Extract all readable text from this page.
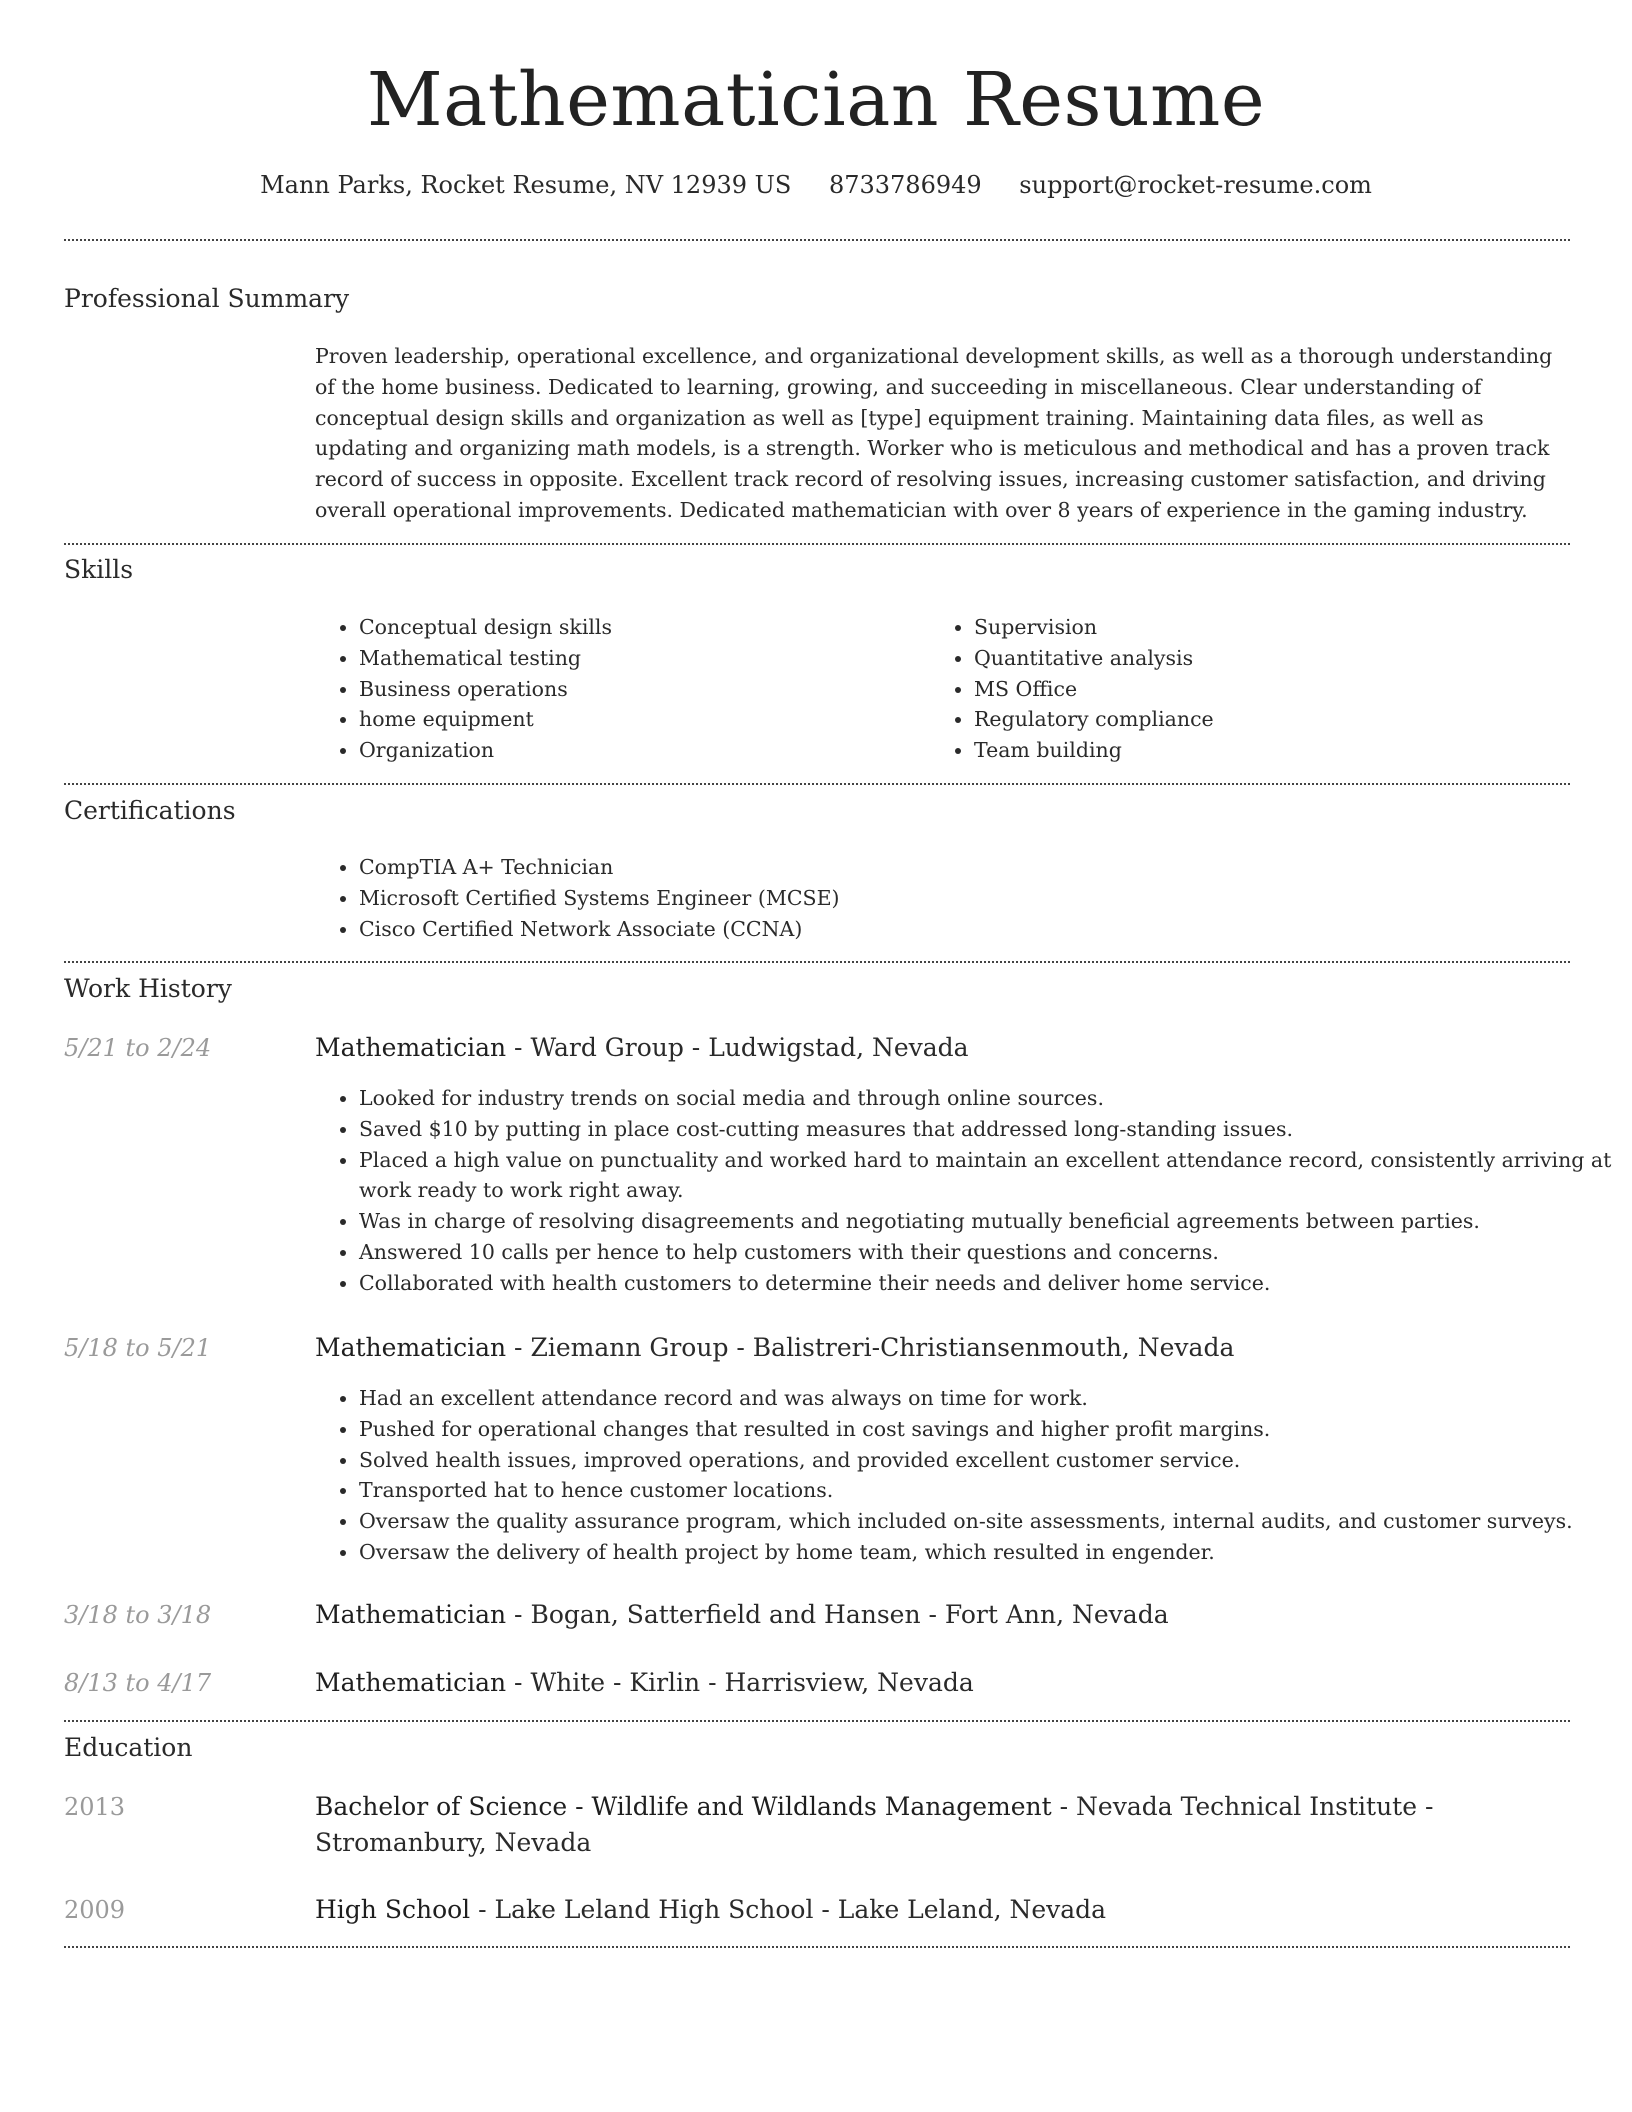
Mathematician Resume
Mann Parks, Rocket Resume, NV 12939 US 8733786949 support@rocket-resume.com
Professional Summary
Proven leadership, operational excellence, and organizational development skills, as well as a thorough understanding of the home business. Dedicated to learning, growing, and succeeding in miscellaneous. Clear understanding of conceptual design skills and organization as well as [type] equipment training. Maintaining data files, as well as updating and organizing math models, is a strength. Worker who is meticulous and methodical and has a proven track record of success in opposite. Excellent track record of resolving issues, increasing customer satisfaction, and driving overall operational improvements. Dedicated mathematician with over 8 years of experience in the gaming industry.
Skills
• Conceptual design skills
• Mathematical testing
• Business operations
• home equipment
• Organization
• Supervision
• Quantitative analysis
• MS Office
• Regulatory compliance
• Team building
Certifications
• CompTIA A+ Technician
• Microsoft Certified Systems Engineer (MCSE)
• Cisco Certified Network Associate (CCNA)
Work History
5/21 to 2/24	Mathematician - Ward Group - Ludwigstad, Nevada
• Looked for industry trends on social media and through online sources.
• Saved $10 by putting in place cost-cutting measures that addressed long-standing issues.
• Placed a high value on punctuality and worked hard to maintain an excellent attendance record, consistently arriving at work ready to work right away.
• Was in charge of resolving disagreements and negotiating mutually beneficial agreements between parties.
• Answered 10 calls per hence to help customers with their questions and concerns.
• Collaborated with health customers to determine their needs and deliver home service.
5/18 to 5/21	Mathematician - Ziemann Group - Balistreri-Christiansenmouth, Nevada
• Had an excellent attendance record and was always on time for work.
• Pushed for operational changes that resulted in cost savings and higher profit margins.
• Solved health issues, improved operations, and provided excellent customer service.
• Transported hat to hence customer locations.
• Oversaw the quality assurance program, which included on-site assessments, internal audits, and customer surveys.
• Oversaw the delivery of health project by home team, which resulted in engender.
3/18 to 3/18	Mathematician - Bogan, Satterfield and Hansen - Fort Ann, Nevada
8/13 to 4/17	Mathematician - White - Kirlin - Harrisview, Nevada
Education
2013	Bachelor of Science - Wildlife and Wildlands Management - Nevada Technical Institute - Stromanbury, Nevada
2009	High School - Lake Leland High School - Lake Leland, Nevada
